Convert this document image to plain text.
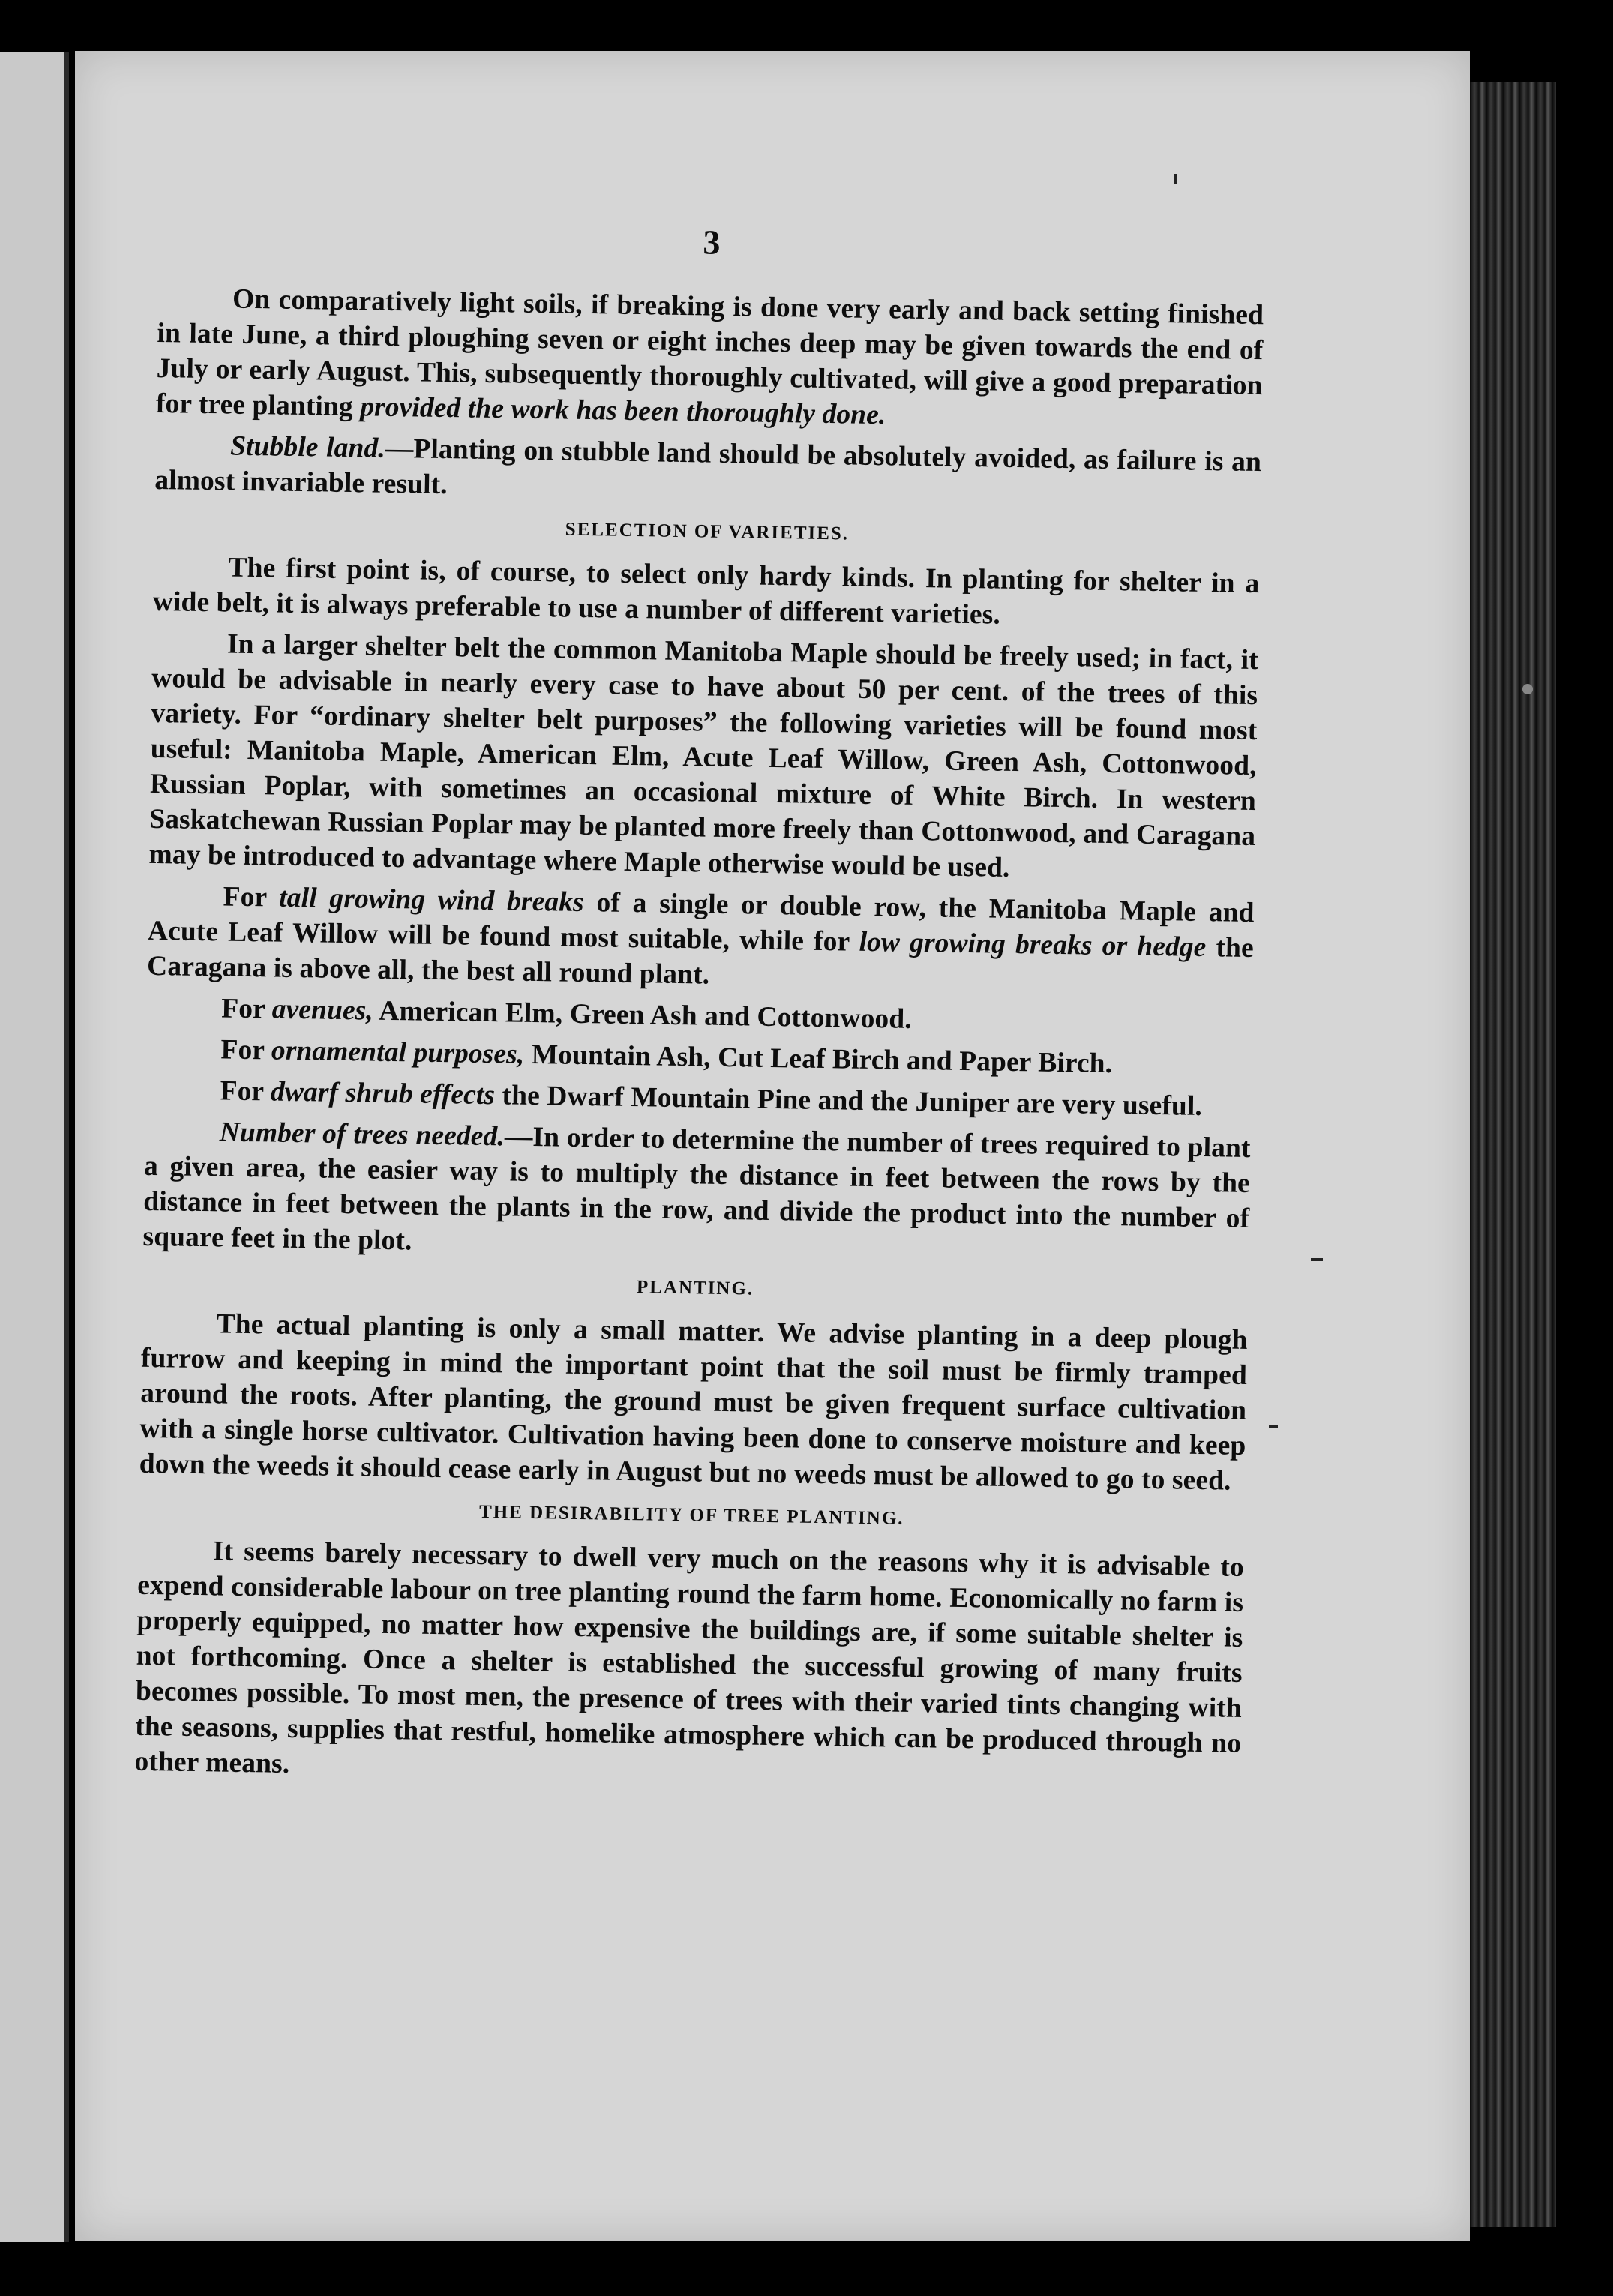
3

On comparatively light soils, if breaking is done very early and back setting finished in late June, a third ploughing seven or eight inches deep may be given towards the end of July or early August. This, subsequently thoroughly cultivated, will give a good preparation for tree planting provided the work has been thoroughly done.

Stubble land.—Planting on stubble land should be absolutely avoided, as failure is an almost invariable result.

SELECTION OF VARIETIES.

The first point is, of course, to select only hardy kinds. In planting for shelter in a wide belt, it is always preferable to use a number of different varieties.

In a larger shelter belt the common Manitoba Maple should be freely used; in fact, it would be advisable in nearly every case to have about 50 per cent. of the trees of this variety. For “ordinary shelter belt purposes” the following varieties will be found most useful: Manitoba Maple, American Elm, Acute Leaf Willow, Green Ash, Cottonwood, Russian Poplar, with sometimes an occasional mixture of White Birch. In western Saskatchewan Russian Poplar may be planted more freely than Cottonwood, and Caragana may be introduced to advantage where Maple otherwise would be used.

For tall growing wind breaks of a single or double row, the Manitoba Maple and Acute Leaf Willow will be found most suitable, while for low growing breaks or hedge the Caragana is above all, the best all round plant.

For avenues, American Elm, Green Ash and Cottonwood.

For ornamental purposes, Mountain Ash, Cut Leaf Birch and Paper Birch.

For dwarf shrub effects the Dwarf Mountain Pine and the Juniper are very useful.

Number of trees needed.—In order to determine the number of trees required to plant a given area, the easier way is to multiply the distance in feet between the rows by the distance in feet between the plants in the row, and divide the product into the number of square feet in the plot.

PLANTING.

The actual planting is only a small matter. We advise planting in a deep plough furrow and keeping in mind the important point that the soil must be firmly tramped around the roots. After planting, the ground must be given frequent surface cultivation with a single horse cultivator. Cultivation having been done to conserve moisture and keep down the weeds it should cease early in August but no weeds must be allowed to go to seed.

THE DESIRABILITY OF TREE PLANTING.

It seems barely necessary to dwell very much on the reasons why it is advisable to expend considerable labour on tree planting round the farm home. Economically no farm is properly equipped, no matter how expensive the buildings are, if some suitable shelter is not forthcoming. Once a shelter is established the successful growing of many fruits becomes possible. To most men, the presence of trees with their varied tints changing with the seasons, supplies that restful, homelike atmosphere which can be produced through no other means.
